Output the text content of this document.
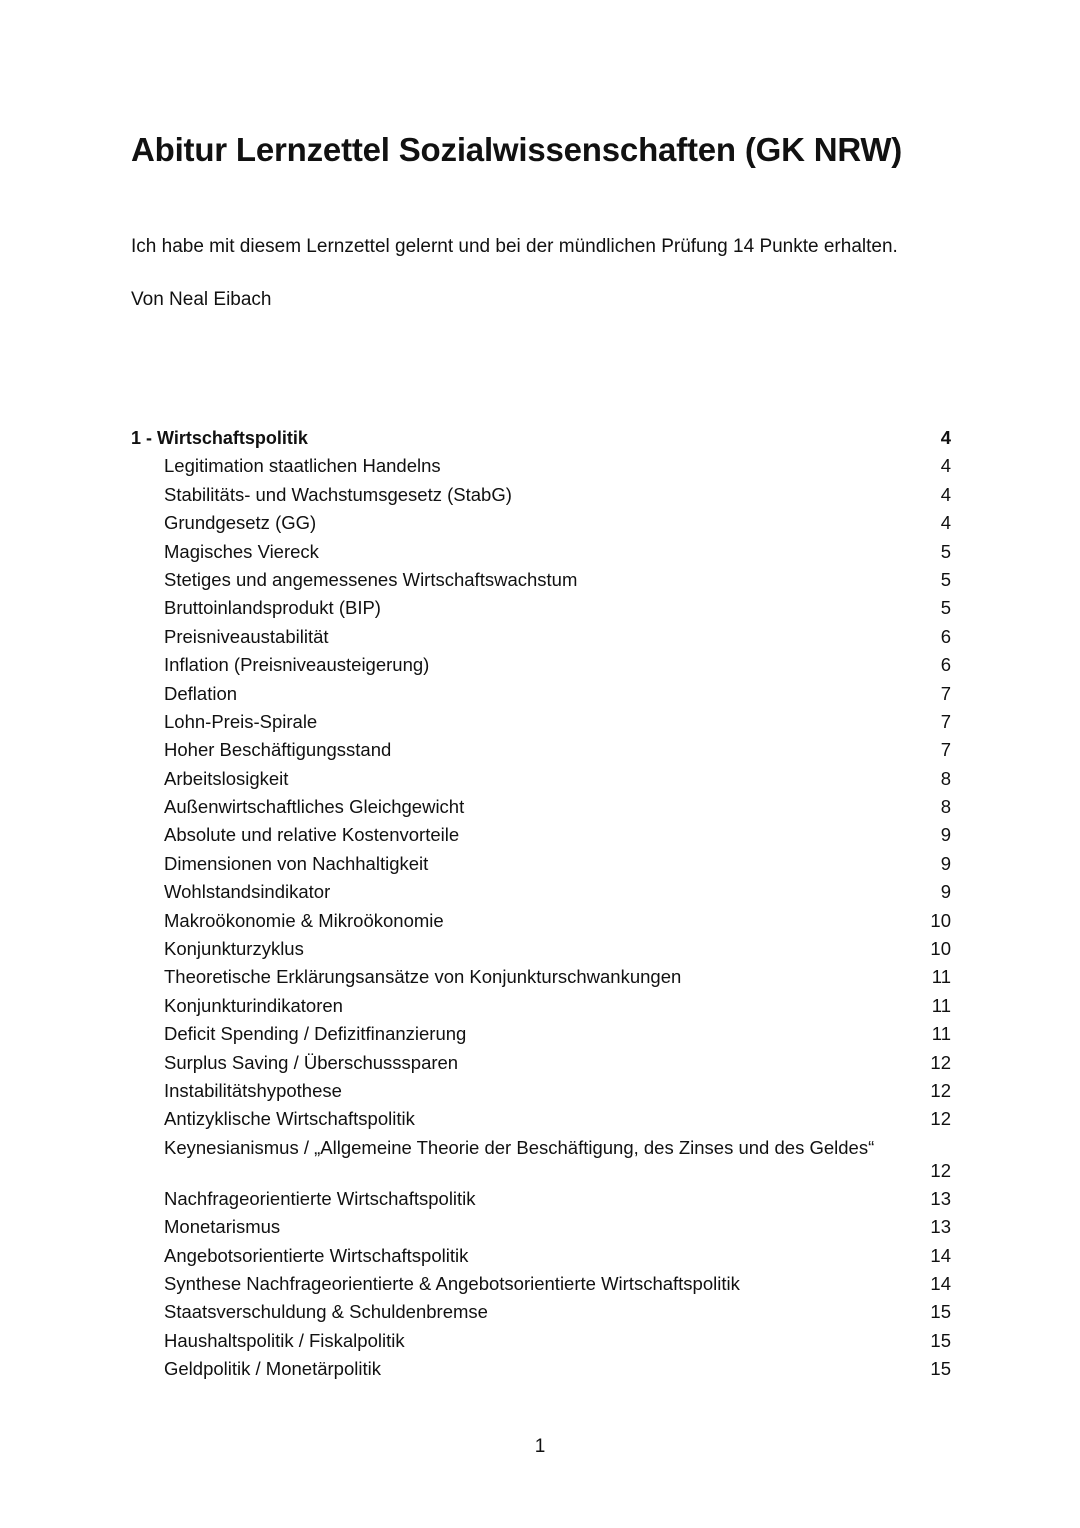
Abitur Lernzettel Sozialwissenschaften (GK NRW)
Ich habe mit diesem Lernzettel gelernt und bei der mündlichen Prüfung 14 Punkte erhalten.
Von Neal Eibach
1 - Wirtschaftspolitik	4
Legitimation staatlichen Handelns	4
Stabilitäts- und Wachstumsgesetz (StabG)	4
Grundgesetz (GG)	4
Magisches Viereck	5
Stetiges und angemessenes Wirtschaftswachstum	5
Bruttoinlandsprodukt (BIP)	5
Preisniveaustabilität	6
Inflation (Preisniveausteigerung)	6
Deflation	7
Lohn-Preis-Spirale	7
Hoher Beschäftigungsstand	7
Arbeitslosigkeit	8
Außenwirtschaftliches Gleichgewicht	8
Absolute und relative Kostenvorteile	9
Dimensionen von Nachhaltigkeit	9
Wohlstandsindikator	9
Makroökonomie & Mikroökonomie	10
Konjunkturzyklus	10
Theoretische Erklärungsansätze von Konjunkturschwankungen	11
Konjunkturindikatoren	11
Deficit Spending / Defizitfinanzierung	11
Surplus Saving / Überschusssparen	12
Instabilitätshypothese	12
Antizyklische Wirtschaftspolitik	12
Keynesianismus / „Allgemeine Theorie der Beschäftigung, des Zinses und des Geldes“
12
Nachfrageorientierte Wirtschaftspolitik	13
Monetarismus	13
Angebotsorientierte Wirtschaftspolitik	14
Synthese Nachfrageorientierte & Angebotsorientierte Wirtschaftspolitik	14
Staatsverschuldung & Schuldenbremse	15
Haushaltspolitik / Fiskalpolitik	15
Geldpolitik / Monetärpolitik	15
1
